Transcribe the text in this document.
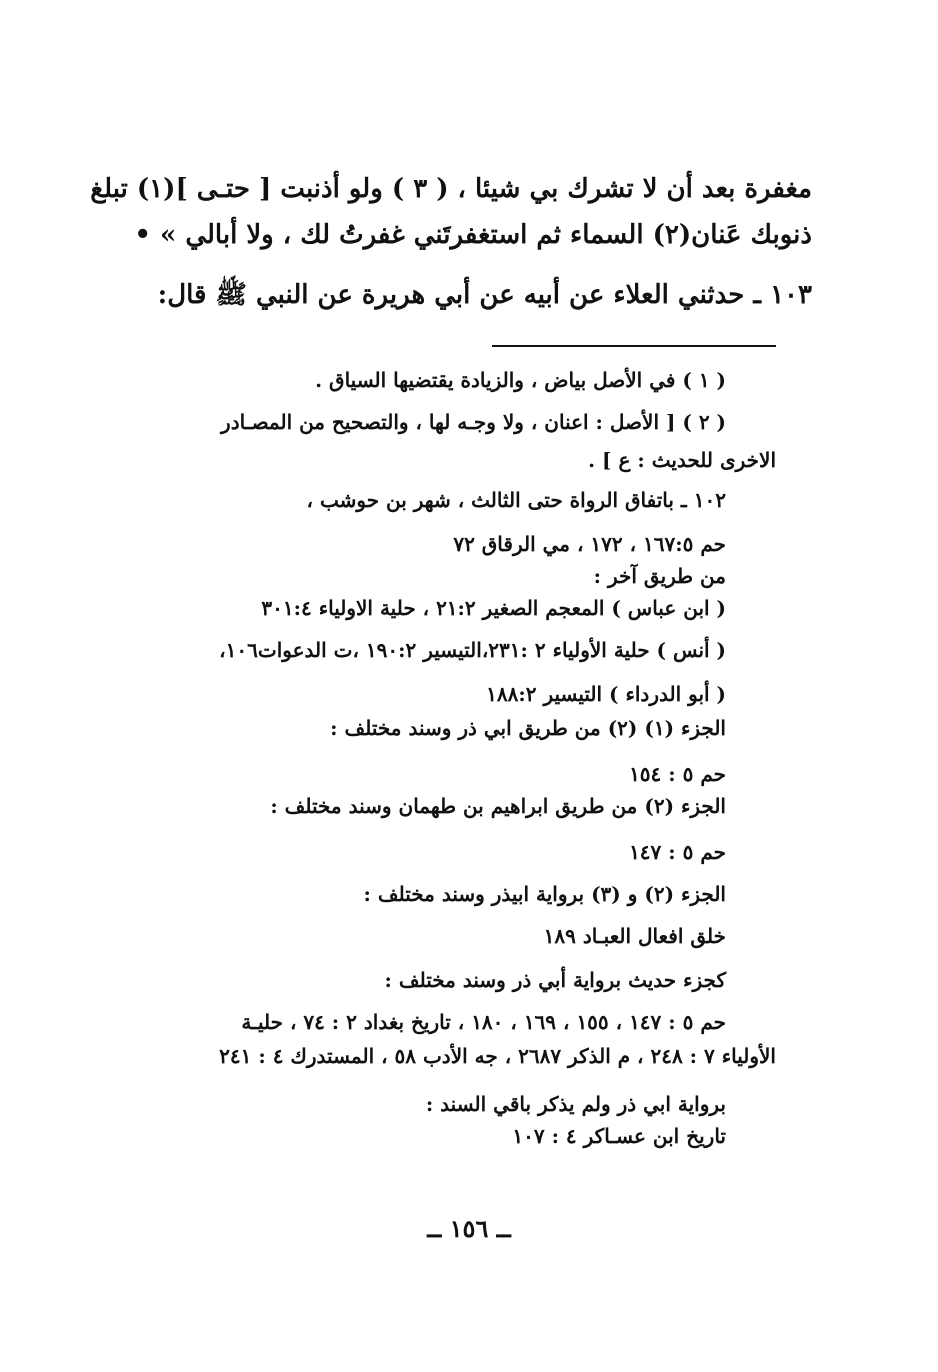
مغفرة بعد أن لا تشرك بي شيئا ، ( ٣ ) ولو أذنبت [ حتـى ](١) تبلغ
ذنوبك عَنان(٢) السماء ثم استغفرتَني غفرتُ لك ، ولا أبالي » •
١٠٣ ـ حدثني العلاء عن أبيه عن أبي هريرة عن النبي ﷺ قال:
( ١ ) في الأصل بياض ، والزيادة يقتضيها السياق .
( ٢ ) [ الأصل : اعنان ، ولا وجـه لها ، والتصحيح من المصـادر
الاخرى للحديث : ع ] .
١٠٢ ـ باتفاق الرواة حتى الثالث ، شهر بن حوشب ،
حم ١٦٧:٥ ، ١٧٢ ، مي الرقاق ٧٢
من طريق آخر :
( ابن عباس ) المعجم الصغير ٢١:٢ ، حلية الاولياء ٣٠١:٤
( أنس ) حلية الأولياء ٢ :٢٣١،التيسير ١٩٠:٢ ،ت الدعوات١٠٦،
( أبو الدرداء ) التيسير ١٨٨:٢
الجزء (١) (٢) من طريق ابي ذر وسند مختلف :
حم ٥ : ١٥٤
الجزء (٢) من طريق ابراهيم بن طهمان وسند مختلف :
حم ٥ : ١٤٧
الجزء (٢) و (٣) برواية ابيذر وسند مختلف :
خلق افعال العبـاد ١٨٩
كجزء حديث برواية أبي ذر وسند مختلف :
حم ٥ : ١٤٧ ، ١٥٥ ، ١٦٩ ، ١٨٠ ، تاريخ بغداد ٢ : ٧٤ ، حليـة
الأولياء ٧ : ٢٤٨ ، م الذكر ٢٦٨٧ ، جه الأدب ٥٨ ، المستدرك ٤ : ٢٤١
برواية ابي ذر ولم يذكر باقي السند :
تاريخ ابن عسـاكر ٤ : ١٠٧
ــ ١٥٦ ــ
